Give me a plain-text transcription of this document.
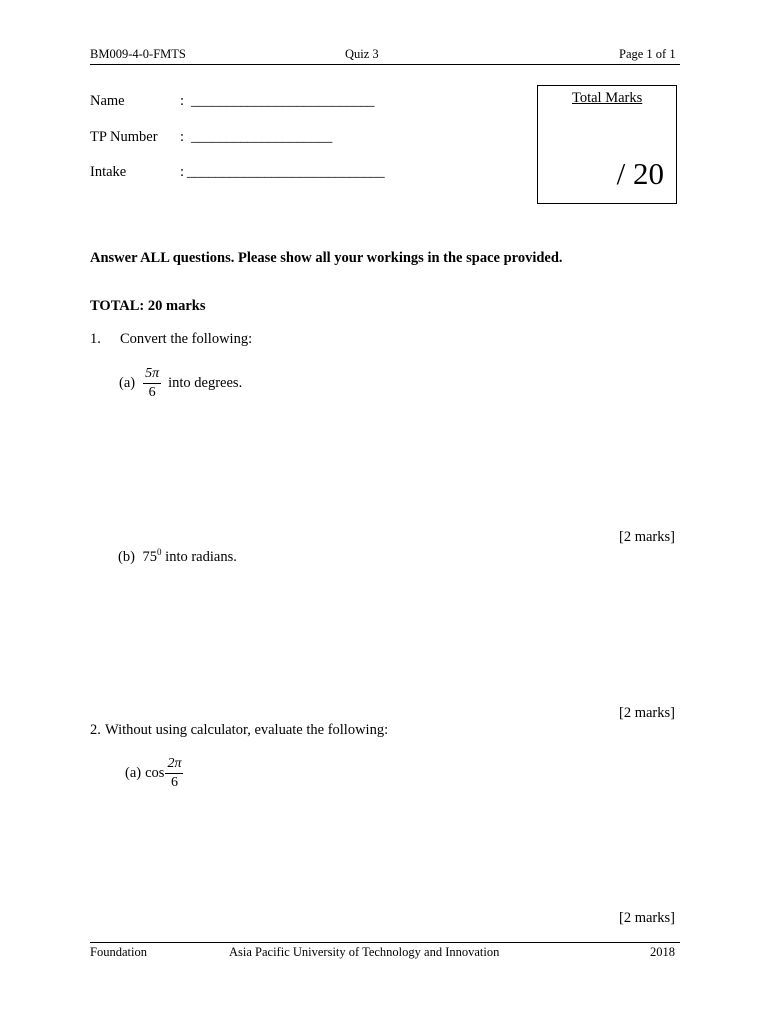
BM009-4-0-FMTS	Quiz 3	Page 1 of 1
Name	: __________________________
TP Number : ____________________
Intake	: ____________________________
Total Marks
/ 20
Answer ALL questions. Please show all your workings in the space provided.
TOTAL: 20 marks
1. Convert the following:
$(a) \frac{5\pi}{6}$ into degrees.
[2 marks]
(b) $75^0$ into radians.
[2 marks]
2. Without using calculator, evaluate the following:
(a) $\cos \frac{2\pi}{6}$
[2 marks]
Foundation	Asia Pacific University of Technology and Innovation	2018
